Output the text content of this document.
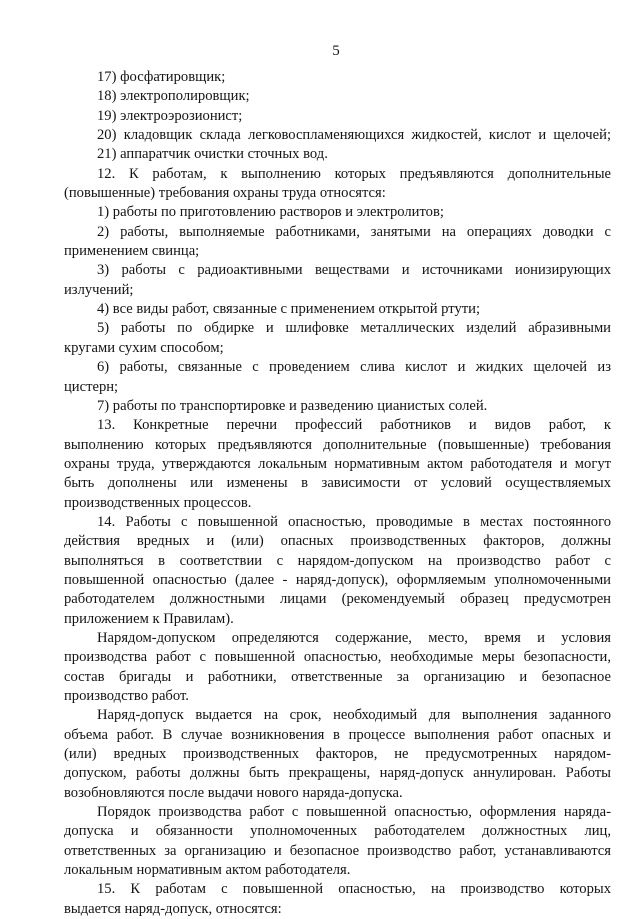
5

17) фосфатировщик;

18) электрополировщик;

19) электроэрозионист;

20) кладовщик склада легковоспламеняющихся жидкостей, кислот и щелочей;

21) аппаратчик очистки сточных вод.

12. К работам, к выполнению которых предъявляются дополнительные

(повышенные) требования охраны труда относятся:

1) работы по приготовлению растворов и электролитов;

2) работы, выполняемые работниками, занятыми на операциях доводки с

применением свинца;

3) работы с радиоактивными веществами и источниками ионизирующих

излучений;

4) все виды работ, связанные с применением открытой ртути;

5) работы по обдирке и шлифовке металлических изделий абразивными

кругами сухим способом;

6) работы, связанные с проведением слива кислот и жидких щелочей из

цистерн;

7) работы по транспортировке и разведению цианистых солей.

13. Конкретные перечни профессий работников и видов работ, к

выполнению которых предъявляются дополнительные (повышенные) требования

охраны труда, утверждаются локальным нормативным актом работодателя и могут

быть дополнены или изменены в зависимости от условий осуществляемых

производственных процессов.

14. Работы с повышенной опасностью, проводимые в местах постоянного

действия вредных и (или) опасных производственных факторов, должны

выполняться в соответствии с нарядом-допуском на производство работ с

повышенной опасностью (далее - наряд-допуск), оформляемым уполномоченными

работодателем должностными лицами (рекомендуемый образец предусмотрен

приложением к Правилам).

Нарядом-допуском определяются содержание, место, время и условия

производства работ с повышенной опасностью, необходимые меры безопасности,

состав бригады и работники, ответственные за организацию и безопасное

производство работ.

Наряд-допуск выдается на срок, необходимый для выполнения заданного

объема работ. В случае возникновения в процессе выполнения работ опасных и

(или) вредных производственных факторов, не предусмотренных нарядом-

допуском, работы должны быть прекращены, наряд-допуск аннулирован. Работы

возобновляются после выдачи нового наряда-допуска.

Порядок производства работ с повышенной опасностью, оформления наряда-

допуска и обязанности уполномоченных работодателем должностных лиц,

ответственных за организацию и безопасное производство работ, устанавливаются

локальным нормативным актом работодателя.

15. К работам с повышенной опасностью, на производство которых

выдается наряд-допуск, относятся:
